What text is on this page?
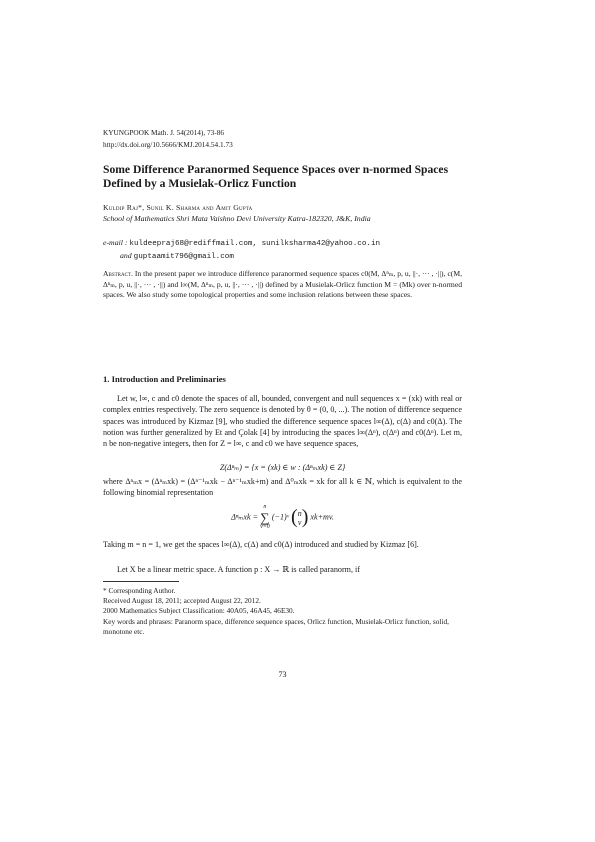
KYUNGPOOK Math. J. 54(2014), 73-86
http://dx.doi.org/10.5666/KMJ.2014.54.1.73
Some Difference Paranormed Sequence Spaces over n-normed Spaces Defined by a Musielak-Orlicz Function
Kuldip Raj*, Sunil K. Sharma and Amit Gupta
School of Mathematics Shri Mata Vaishno Devi University Katra-182320, J&K, India
e-mail : kuldeepraj68@rediffmail.com, sunilksharma42@yahoo.co.in
and guptaamit796@gmail.com
Abstract. In the present paper we introduce difference paranormed sequence spaces c0(M, Δⁿₘ, p, u, ||·, ··· , ·||), c(M, Δⁿₘ, p, u, ||·, ··· , ·||) and l∞(M, Δⁿₘ, p, u, ||·, ··· , ·||) defined by a Musielak-Orlicz function M = (Mk) over n-normed spaces. We also study some topological properties and some inclusion relations between these spaces.
1. Introduction and Preliminaries
Let w, l∞, c and c0 denote the spaces of all, bounded, convergent and null sequences x = (xk) with real or complex entries respectively. The zero sequence is denoted by θ = (0, 0, ...). The notion of difference sequence spaces was introduced by Kizmaz [9], who studied the difference sequence spaces l∞(Δ), c(Δ) and c0(Δ). The notion was further generalized by Et and Çolak [4] by introducing the spaces l∞(Δⁿ), c(Δⁿ) and c0(Δⁿ). Let m, n be non-negative integers, then for Z = l∞, c and c0 we have sequence spaces,
Z(Δⁿₘ) = {x = (xk) ∈ w : (Δⁿₘxk) ∈ Z}
where Δⁿₘx = (Δⁿₘxk) = (Δⁿ⁻¹ₘxk − Δⁿ⁻¹ₘxk+m) and Δ⁰ₘxk = xk for all k ∈ ℕ, which is equivalent to the following binomial representation
Δⁿₘxk =
n
∑
v=0
(−1)ᵛ ( n
v ) xk+mv.
Taking m = n = 1, we get the spaces l∞(Δ), c(Δ) and c0(Δ) introduced and studied by Kizmaz [6].
Let X be a linear metric space. A function p : X → ℝ is called paranorm, if
* Corresponding Author.
Received August 18, 2011; accepted August 22, 2012.
2000 Mathematics Subject Classification: 40A05, 46A45, 46E30.
Key words and phrases: Paranorm space, difference sequence spaces, Orlicz function, Musielak-Orlicz function, solid, monotone etc.
73
